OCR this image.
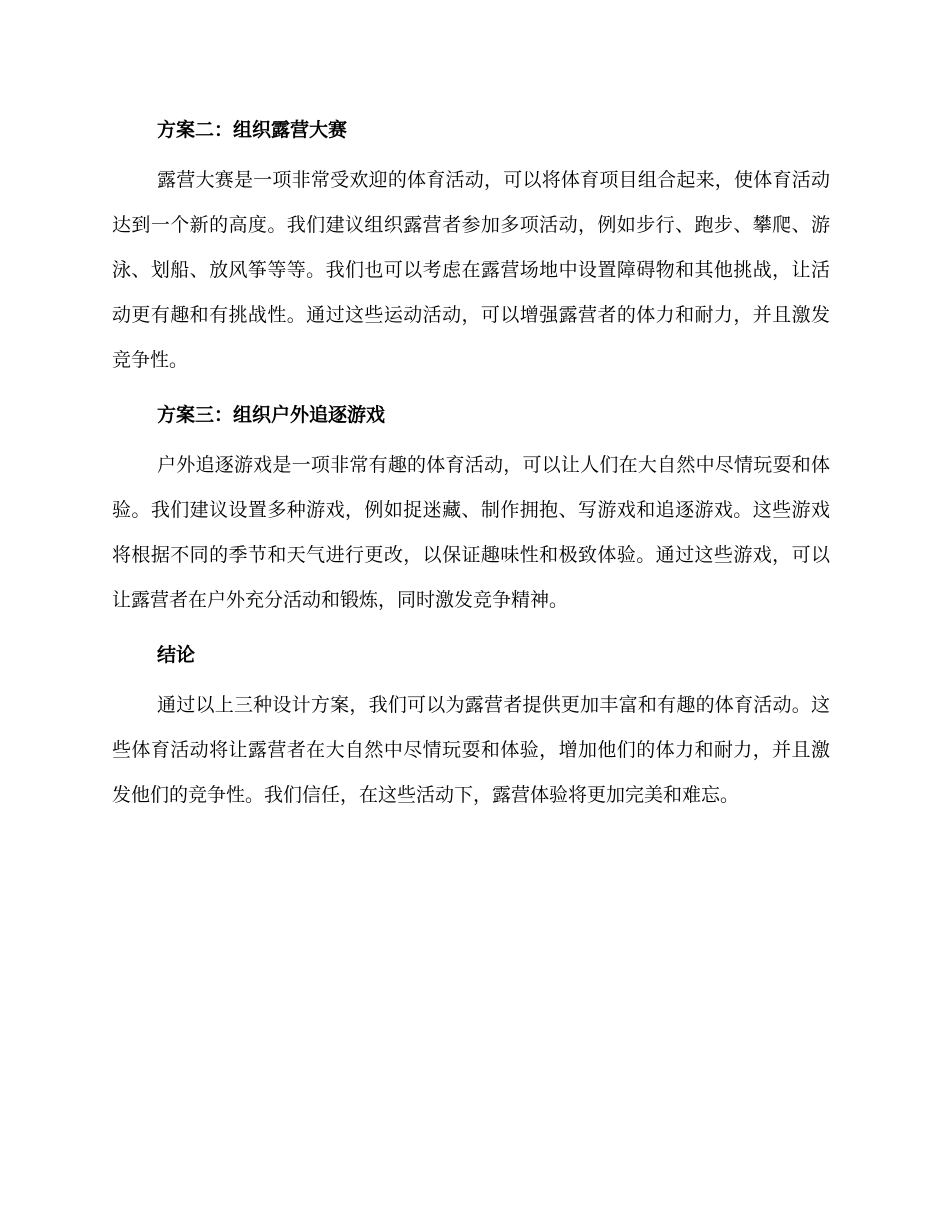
方案二：组织露营大赛
露营大赛是一项非常受欢迎的体育活动，可以将体育项目组合起来，使体育活动达到一个新的高度。我们建议组织露营者参加多项活动，例如步行、跑步、攀爬、游泳、划船、放风筝等等。我们也可以考虑在露营场地中设置障碍物和其他挑战，让活动更有趣和有挑战性。通过这些运动活动，可以增强露营者的体力和耐力，并且激发竞争性。
方案三：组织户外追逐游戏
户外追逐游戏是一项非常有趣的体育活动，可以让人们在大自然中尽情玩耍和体验。我们建议设置多种游戏，例如捉迷藏、制作拥抱、写游戏和追逐游戏。这些游戏将根据不同的季节和天气进行更改，以保证趣味性和极致体验。通过这些游戏，可以让露营者在户外充分活动和锻炼，同时激发竞争精神。
结论
通过以上三种设计方案，我们可以为露营者提供更加丰富和有趣的体育活动。这些体育活动将让露营者在大自然中尽情玩耍和体验，增加他们的体力和耐力，并且激发他们的竞争性。我们信任，在这些活动下，露营体验将更加完美和难忘。
